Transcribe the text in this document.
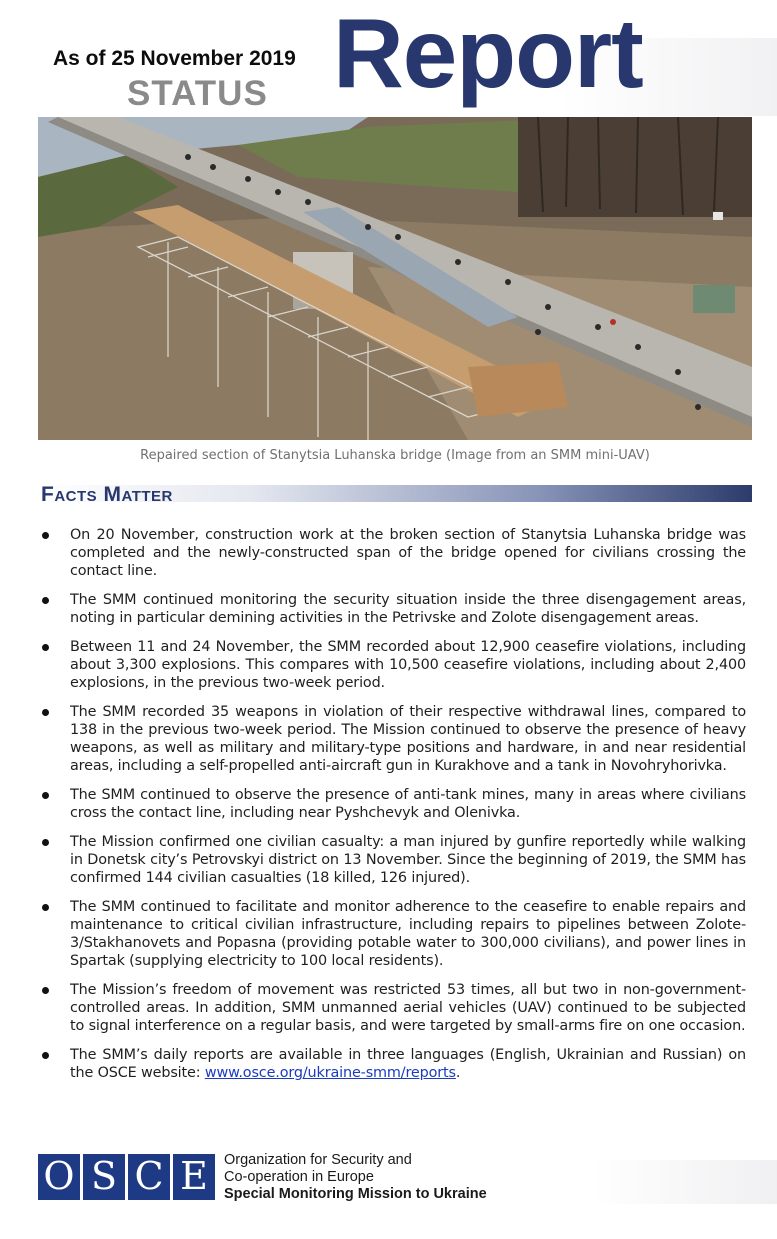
As of 25 November 2019
STATUS Report
Repaired section of Stanytsia Luhanska bridge (Image from an SMM mini-UAV)
Facts Matter
On 20 November, construction work at the broken section of Stanytsia Luhanska bridge was completed and the newly-constructed span of the bridge opened for civilians crossing the contact line.
The SMM continued monitoring the security situation inside the three disengagement areas, noting in particular demining activities in the Petrivske and Zolote disengagement areas.
Between 11 and 24 November, the SMM recorded about 12,900 ceasefire violations, including about 3,300 explosions. This compares with 10,500 ceasefire violations, including about 2,400 explosions, in the previous two-week period.
The SMM recorded 35 weapons in violation of their respective withdrawal lines, compared to 138 in the previous two-week period. The Mission continued to observe the presence of heavy weapons, as well as military and military-type positions and hardware, in and near residential areas, including a self-propelled anti-aircraft gun in Kurakhove and a tank in Novohryhorivka.
The SMM continued to observe the presence of anti-tank mines, many in areas where civilians cross the contact line, including near Pyshchevyk and Olenivka.
The Mission confirmed one civilian casualty: a man injured by gunfire reportedly while walking in Donetsk city’s Petrovskyi district on 13 November. Since the beginning of 2019, the SMM has confirmed 144 civilian casualties (18 killed, 126 injured).
The SMM continued to facilitate and monitor adherence to the ceasefire to enable repairs and maintenance to critical civilian infrastructure, including repairs to pipelines between Zolote-3/Stakhanovets and Popasna (providing potable water to 300,000 civilians), and power lines in Spartak (supplying electricity to 100 local residents).
The Mission’s freedom of movement was restricted 53 times, all but two in non-government-controlled areas. In addition, SMM unmanned aerial vehicles (UAV) continued to be subjected to signal interference on a regular basis, and were targeted by small-arms fire on one occasion.
The SMM’s daily reports are available in three languages (English, Ukrainian and Russian) on the OSCE website: www.osce.org/ukraine-smm/reports.
O S C E	Organization for Security and
Co-operation in Europe
Special Monitoring Mission to Ukraine
